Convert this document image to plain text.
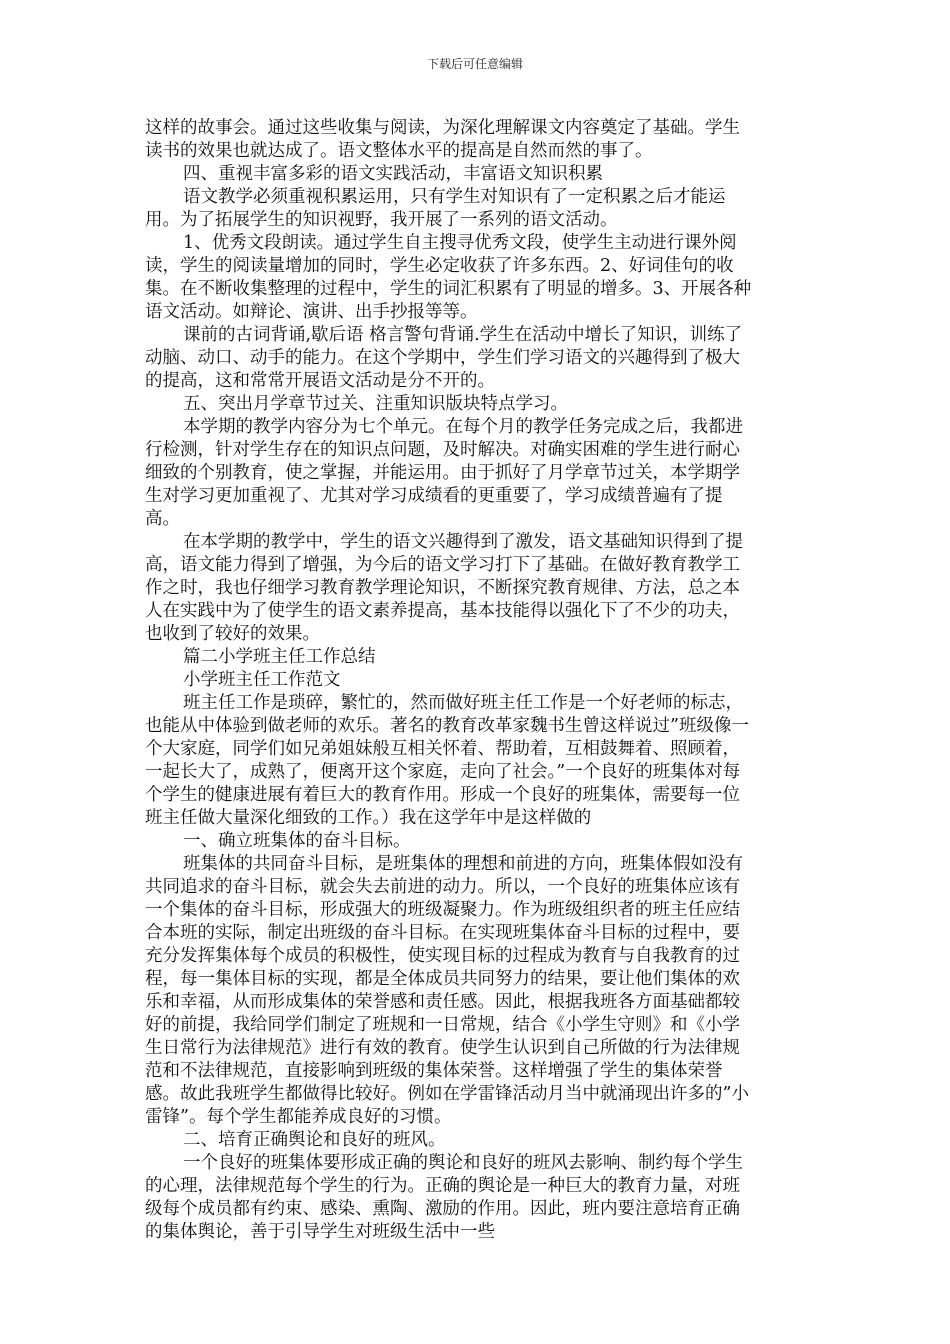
下载后可任意编辑
这样的故事会。通过这些收集与阅读，为深化理解课文内容奠定了基础。学生
读书的效果也就达成了。语文整体水平的提高是自然而然的事了。
四、重视丰富多彩的语文实践活动，丰富语文知识积累
语文教学必须重视积累运用，只有学生对知识有了一定积累之后才能运
用。为了拓展学生的知识视野，我开展了一系列的语文活动。
1、优秀文段朗读。通过学生自主搜寻优秀文段，使学生主动进行课外阅
读，学生的阅读量增加的同时，学生必定收获了许多东西。2、好词佳句的收
集。在不断收集整理的过程中，学生的词汇积累有了明显的增多。3、开展各种
语文活动。如辩论、演讲、出手抄报等等。
课前的古词背诵,歇后语 格言警句背诵.学生在活动中增长了知识，训练了
动脑、动口、动手的能力。在这个学期中，学生们学习语文的兴趣得到了极大
的提高，这和常常开展语文活动是分不开的。
五、突出月学章节过关、注重知识版块特点学习。
本学期的教学内容分为七个单元。在每个月的教学任务完成之后，我都进
行检测，针对学生存在的知识点问题，及时解决。对确实困难的学生进行耐心
细致的个别教育，使之掌握，并能运用。由于抓好了月学章节过关，本学期学
生对学习更加重视了、尤其对学习成绩看的更重要了，学习成绩普遍有了提
高。
在本学期的教学中，学生的语文兴趣得到了激发，语文基础知识得到了提
高，语文能力得到了增强，为今后的语文学习打下了基础。在做好教育教学工
作之时，我也仔细学习教育教学理论知识，不断探究教育规律、方法，总之本
人在实践中为了使学生的语文素养提高，基本技能得以强化下了不少的功夫，
也收到了较好的效果。
篇二小学班主任工作总结
小学班主任工作范文
班主任工作是琐碎，繁忙的，然而做好班主任工作是一个好老师的标志，
也能从中体验到做老师的欢乐。著名的教育改革家魏书生曾这样说过”班级像一
个大家庭，同学们如兄弟姐妹般互相关怀着、帮助着，互相鼓舞着、照顾着，
一起长大了，成熟了，便离开这个家庭，走向了社会。”一个良好的班集体对每
个学生的健康进展有着巨大的教育作用。形成一个良好的班集体，需要每一位
班主任做大量深化细致的工作。）我在这学年中是这样做的
一、确立班集体的奋斗目标。
班集体的共同奋斗目标，是班集体的理想和前进的方向，班集体假如没有
共同追求的奋斗目标，就会失去前进的动力。所以，一个良好的班集体应该有
一个集体的奋斗目标，形成强大的班级凝聚力。作为班级组织者的班主任应结
合本班的实际，制定出班级的奋斗目标。在实现班集体奋斗目标的过程中，要
充分发挥集体每个成员的积极性，使实现目标的过程成为教育与自我教育的过
程，每一集体目标的实现，都是全体成员共同努力的结果，要让他们集体的欢
乐和幸福，从而形成集体的荣誉感和责任感。因此，根据我班各方面基础都较
好的前提，我给同学们制定了班规和一日常规，结合《小学生守则》和《小学
生日常行为法律规范》进行有效的教育。使学生认识到自己所做的行为法律规
范和不法律规范，直接影响到班级的集体荣誉。这样增强了学生的集体荣誉
感。故此我班学生都做得比较好。例如在学雷锋活动月当中就涌现出许多的”小
雷锋”。每个学生都能养成良好的习惯。
二、培育正确舆论和良好的班风。
一个良好的班集体要形成正确的舆论和良好的班风去影响、制约每个学生
的心理，法律规范每个学生的行为。正确的舆论是一种巨大的教育力量，对班
级每个成员都有约束、感染、熏陶、激励的作用。因此，班内要注意培育正确
的集体舆论，善于引导学生对班级生活中一些
